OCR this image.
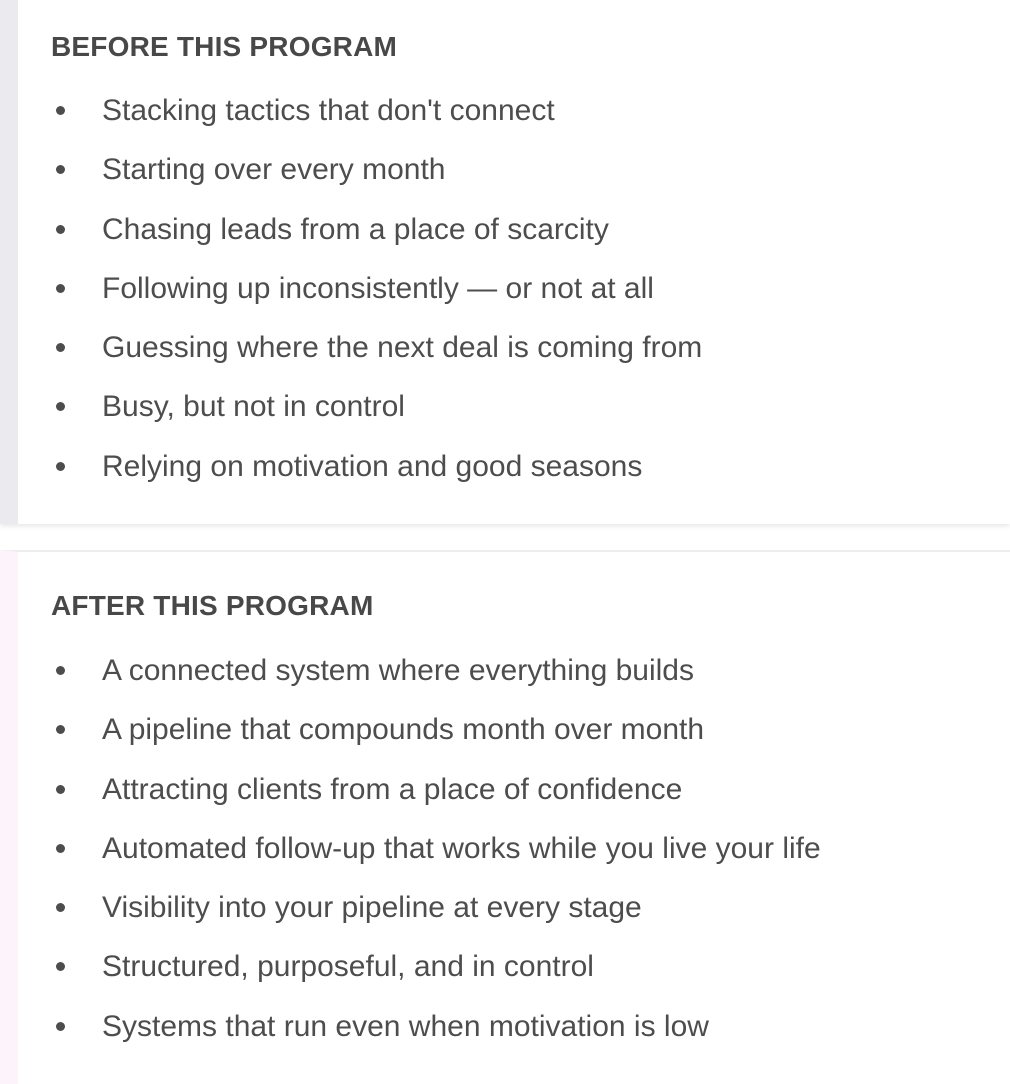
BEFORE THIS PROGRAM
Stacking tactics that don't connect
Starting over every month
Chasing leads from a place of scarcity
Following up inconsistently — or not at all
Guessing where the next deal is coming from
Busy, but not in control
Relying on motivation and good seasons
AFTER THIS PROGRAM
A connected system where everything builds
A pipeline that compounds month over month
Attracting clients from a place of confidence
Automated follow-up that works while you live your life
Visibility into your pipeline at every stage
Structured, purposeful, and in control
Systems that run even when motivation is low
